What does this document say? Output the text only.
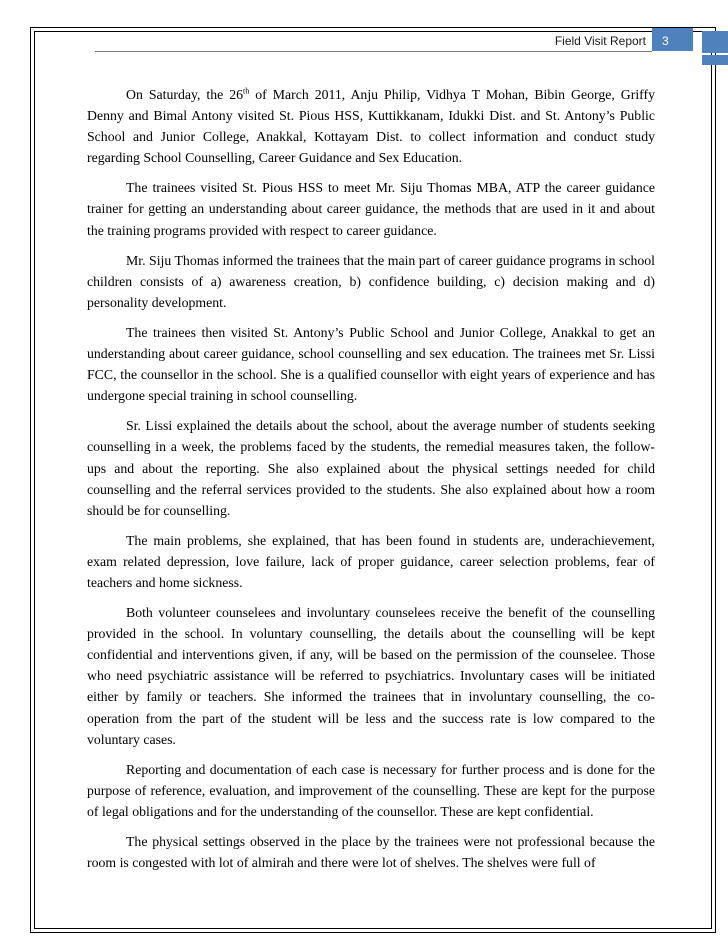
Field Visit Report	3

On Saturday, the 26th of March 2011, Anju Philip, Vidhya T Mohan, Bibin George, Griffy Denny and Bimal Antony visited St. Pious HSS, Kuttikkanam, Idukki Dist. and St. Antony’s Public School and Junior College, Anakkal, Kottayam Dist. to collect information and conduct study regarding School Counselling, Career Guidance and Sex Education.

The trainees visited St. Pious HSS to meet Mr. Siju Thomas MBA, ATP the career guidance trainer for getting an understanding about career guidance, the methods that are used in it and about the training programs provided with respect to career guidance.

Mr. Siju Thomas informed the trainees that the main part of career guidance programs in school children consists of a) awareness creation, b) confidence building, c) decision making and d) personality development.

The trainees then visited St. Antony’s Public School and Junior College, Anakkal to get an understanding about career guidance, school counselling and sex education. The trainees met Sr. Lissi FCC, the counsellor in the school. She is a qualified counsellor with eight years of experience and has undergone special training in school counselling.

Sr. Lissi explained the details about the school, about the average number of students seeking counselling in a week, the problems faced by the students, the remedial measures taken, the follow-ups and about the reporting. She also explained about the physical settings needed for child counselling and the referral services provided to the students. She also explained about how a room should be for counselling.

The main problems, she explained, that has been found in students are, underachievement, exam related depression, love failure, lack of proper guidance, career selection problems, fear of teachers and home sickness.

Both volunteer counselees and involuntary counselees receive the benefit of the counselling provided in the school. In voluntary counselling, the details about the counselling will be kept confidential and interventions given, if any, will be based on the permission of the counselee. Those who need psychiatric assistance will be referred to psychiatrics. Involuntary cases will be initiated either by family or teachers. She informed the trainees that in involuntary counselling, the co-operation from the part of the student will be less and the success rate is low compared to the voluntary cases.

Reporting and documentation of each case is necessary for further process and is done for the purpose of reference, evaluation, and improvement of the counselling. These are kept for the purpose of legal obligations and for the understanding of the counsellor. These are kept confidential.

The physical settings observed in the place by the trainees were not professional because the room is congested with lot of almirah and there were lot of shelves. The shelves were full of
